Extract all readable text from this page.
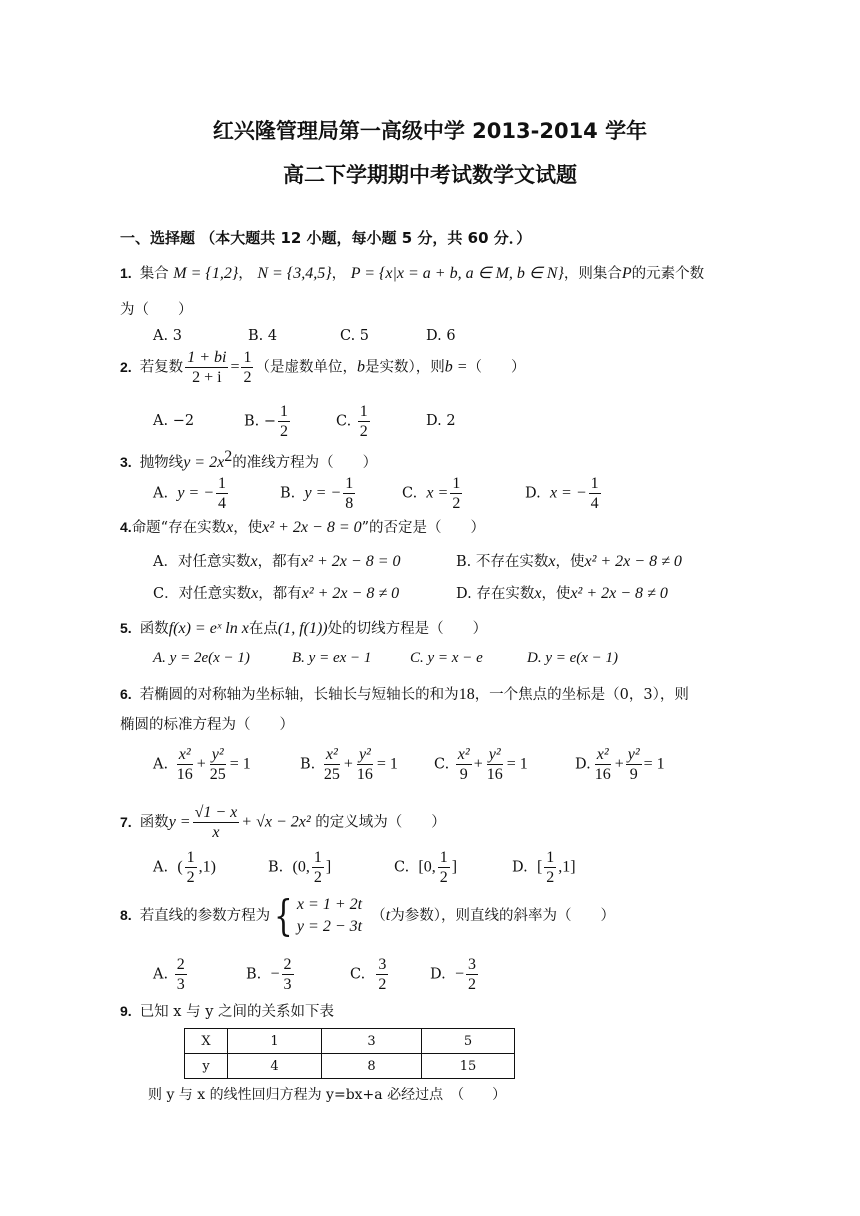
红兴隆管理局第一高级中学 2013-2014 学年
高二下学期期中考试数学文试题
一、选择题 （本大题共 12 小题，每小题 5 分，共 60 分．）
1. 集合 M = {1,2}， N = {3,4,5}， P = {x|x = a + b, a ∈ M, b ∈ N}，则集合P的元素个数
为（　　）
A. 3	B. 4	C. 5	D. 6
2. 若复数 $\frac{1 + bi}{2 + i} = \frac{1}{2}$ （是虚数单位，b是实数），则b =（　　）
A. −2	B. − $\frac{1}{2}$	C. $\frac{1}{2}$	D. 2
3. 抛物线$y = 2x^2$的准线方程为（　　）
A. y = − $\frac{1}{4}$	B. y = − $\frac{1}{8}$	C. $x = \frac{1}{2}$	D. x = − $\frac{1}{4}$
4.命题“存在实数x，使x² + 2x − 8 = 0”的否定是（　　）
A．对任意实数x，都有x² + 2x − 8 = 0	B. 不存在实数x，使x² + 2x − 8 ≠ 0
C．对任意实数x，都有x² + 2x − 8 ≠ 0	D. 存在实数x，使x² + 2x − 8 ≠ 0
5. 函数f(x) = eˣ ln x在点(1, f(1))处的切线方程是（　　）
A. y = 2e(x − 1)	B. y = ex − 1	C. y = x − e	D. y = e(x − 1)
6. 若椭圆的对称轴为坐标轴，长轴长与短轴长的和为18，一个焦点的坐标是（0，3），则
椭圆的标准方程为（　　）
A. $\frac{\text{x²}}{16} + \frac{\text{y²}}{25} = 1$	B. $\frac{\text{x²}}{25} + \frac{\text{y²}}{16} = 1$ C. $\frac{\text{x²}}{9} + \frac{\text{y²}}{16} = 1$	D. $\frac{\text{x²}}{16} + \frac{\text{y²}}{9} = 1$
7. 函数$y = \frac{√1 - x}{x} + √x - 2x^2$ 的定义域为（　　）
A. ( $\frac{1}{2} ,1$)	B. (0, $\frac{1}{2}$ ]	C. [0, $\frac{1}{2}$ ]	D. [ $\frac{1}{2} ,1$]
8. 若直线的参数方程为 { x = 1 + 2t
y = 2 − 3t
（t为参数），则直线的斜率为（　　）
A. $\frac{2}{3}$	B. − $\frac{2}{3}$	C. $\frac{3}{2}$	D. − $\frac{3}{2}$
9. 已知 x 与 y 之间的关系如下表
X	1	3	5
y	4	8	15
则 y 与 x 的线性回归方程为 y=bx+a 必经过点　（　　）
